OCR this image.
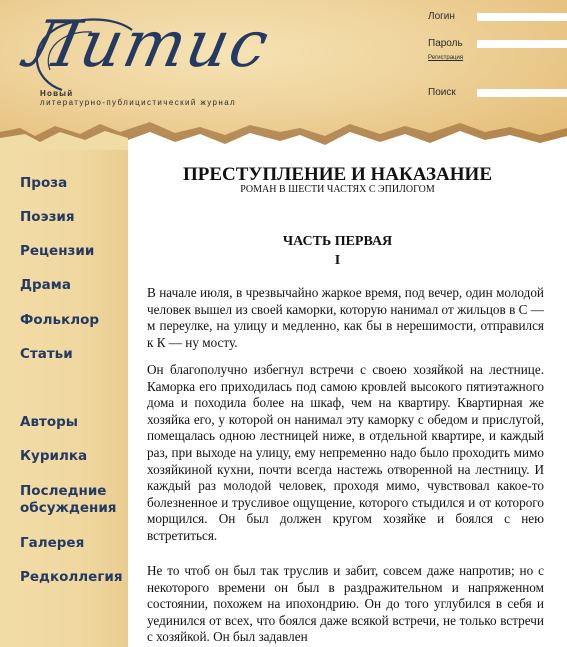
Литис
Новый
литературно-публицистический журнал
Логин
Пароль
Регистрация
Поиск
Проза
Поэзия
Рецензии
Драма
Фольклор
Статьи
Авторы
Курилка
Последние обсуждения
Галерея
Редколлегия
ПРЕСТУПЛЕНИЕ И НАКАЗАНИЕ
РОМАН В ШЕСТИ ЧАСТЯХ С ЭПИЛОГОМ
ЧАСТЬ ПЕРВАЯ
I

В начале июля, в чрезвычайно жаркое время, под вечер, один молодой человек вышел из своей каморки, которую нанимал от жильцов в С — м переулке, на улицу и медленно, как бы в нерешимости, отправился к К — ну мосту.

Он благополучно избегнул встречи с своею хозяйкой на лестнице. Каморка его приходилась под самою кровлей высокого пятиэтажного дома и походила более на шкаф, чем на квартиру. Квартирная же хозяйка его, у которой он нанимал эту каморку с обедом и прислугой, помещалась одною лестницей ниже, в отдельной квартире, и каждый раз, при выходе на улицу, ему непременно надо было проходить мимо хозяйкиной кухни, почти всегда настежь отворенной на лестницу. И каждый раз молодой человек, проходя мимо, чувствовал какое-то болезненное и трусливое ощущение, которого стыдился и от которого морщился. Он был должен кругом хозяйке и боялся с нею встретиться.

Не то чтоб он был так труслив и забит, совсем даже напротив; но с некоторого времени он был в раздражительном и напряженном состоянии, похожем на ипохондрию. Он до того углубился в себя и уединился от всех, что боялся даже всякой встречи, не только встречи с хозяйкой. Он был задавлен
